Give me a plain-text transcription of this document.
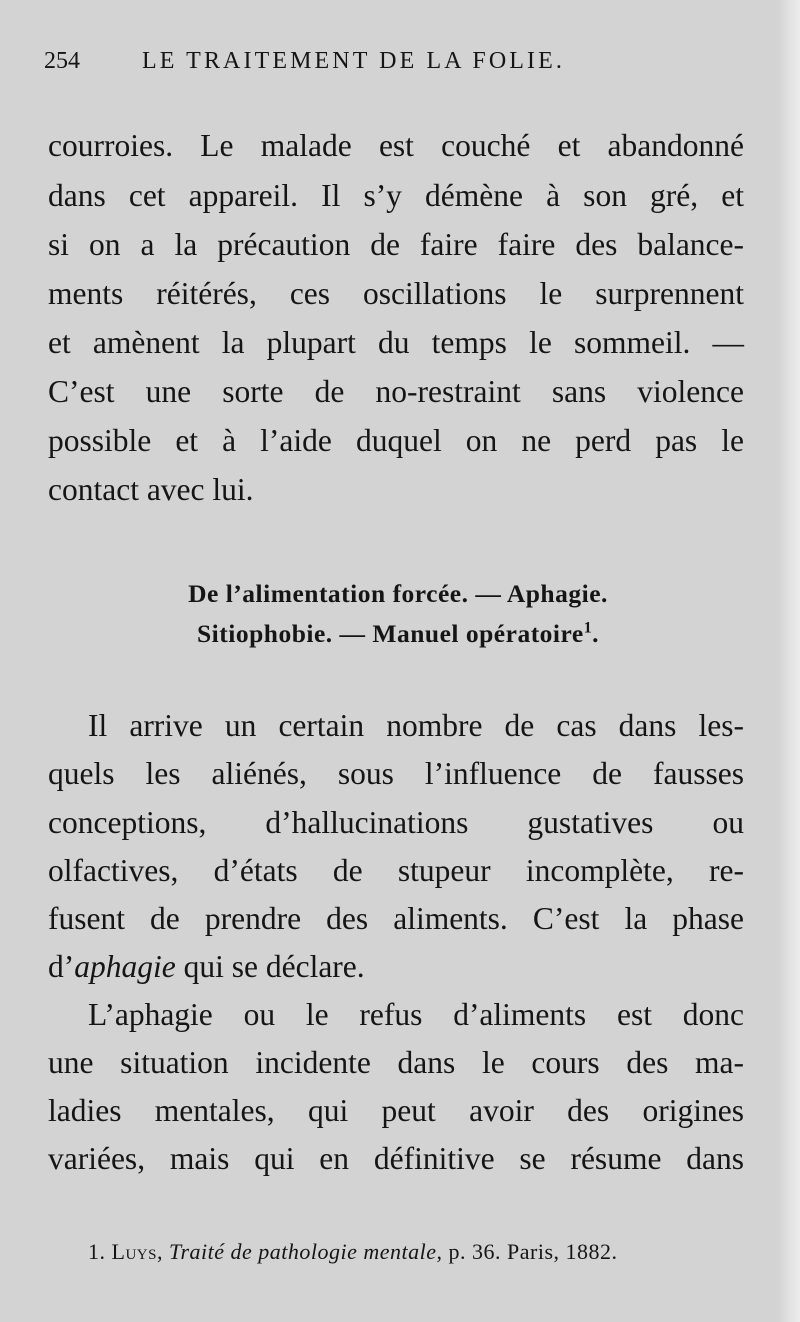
254	LE TRAITEMENT DE LA FOLIE.
courroies. Le malade est couché et abandonné
dans cet appareil. Il s’y démène à son gré, et
si on a la précaution de faire faire des balance-
ments réitérés, ces oscillations le surprennent
et amènent la plupart du temps le sommeil. —
C’est une sorte de no-restraint sans violence
possible et à l’aide duquel on ne perd pas le
contact avec lui.
De l’alimentation forcée. — Aphagie.
Sitiophobie. — Manuel opératoire$^1$.
Il arrive un certain nombre de cas dans les-
quels les aliénés, sous l’influence de fausses
conceptions, d’hallucinations gustatives ou
olfactives, d’états de stupeur incomplète, re-
fusent de prendre des aliments. C’est la phase
d’aphagie qui se déclare.
L’aphagie ou le refus d’aliments est donc
une situation incidente dans le cours des ma-
ladies mentales, qui peut avoir des origines
variées, mais qui en définitive se résume dans
1. Luys, Traité de pathologie mentale, p. 36. Paris, 1882.
